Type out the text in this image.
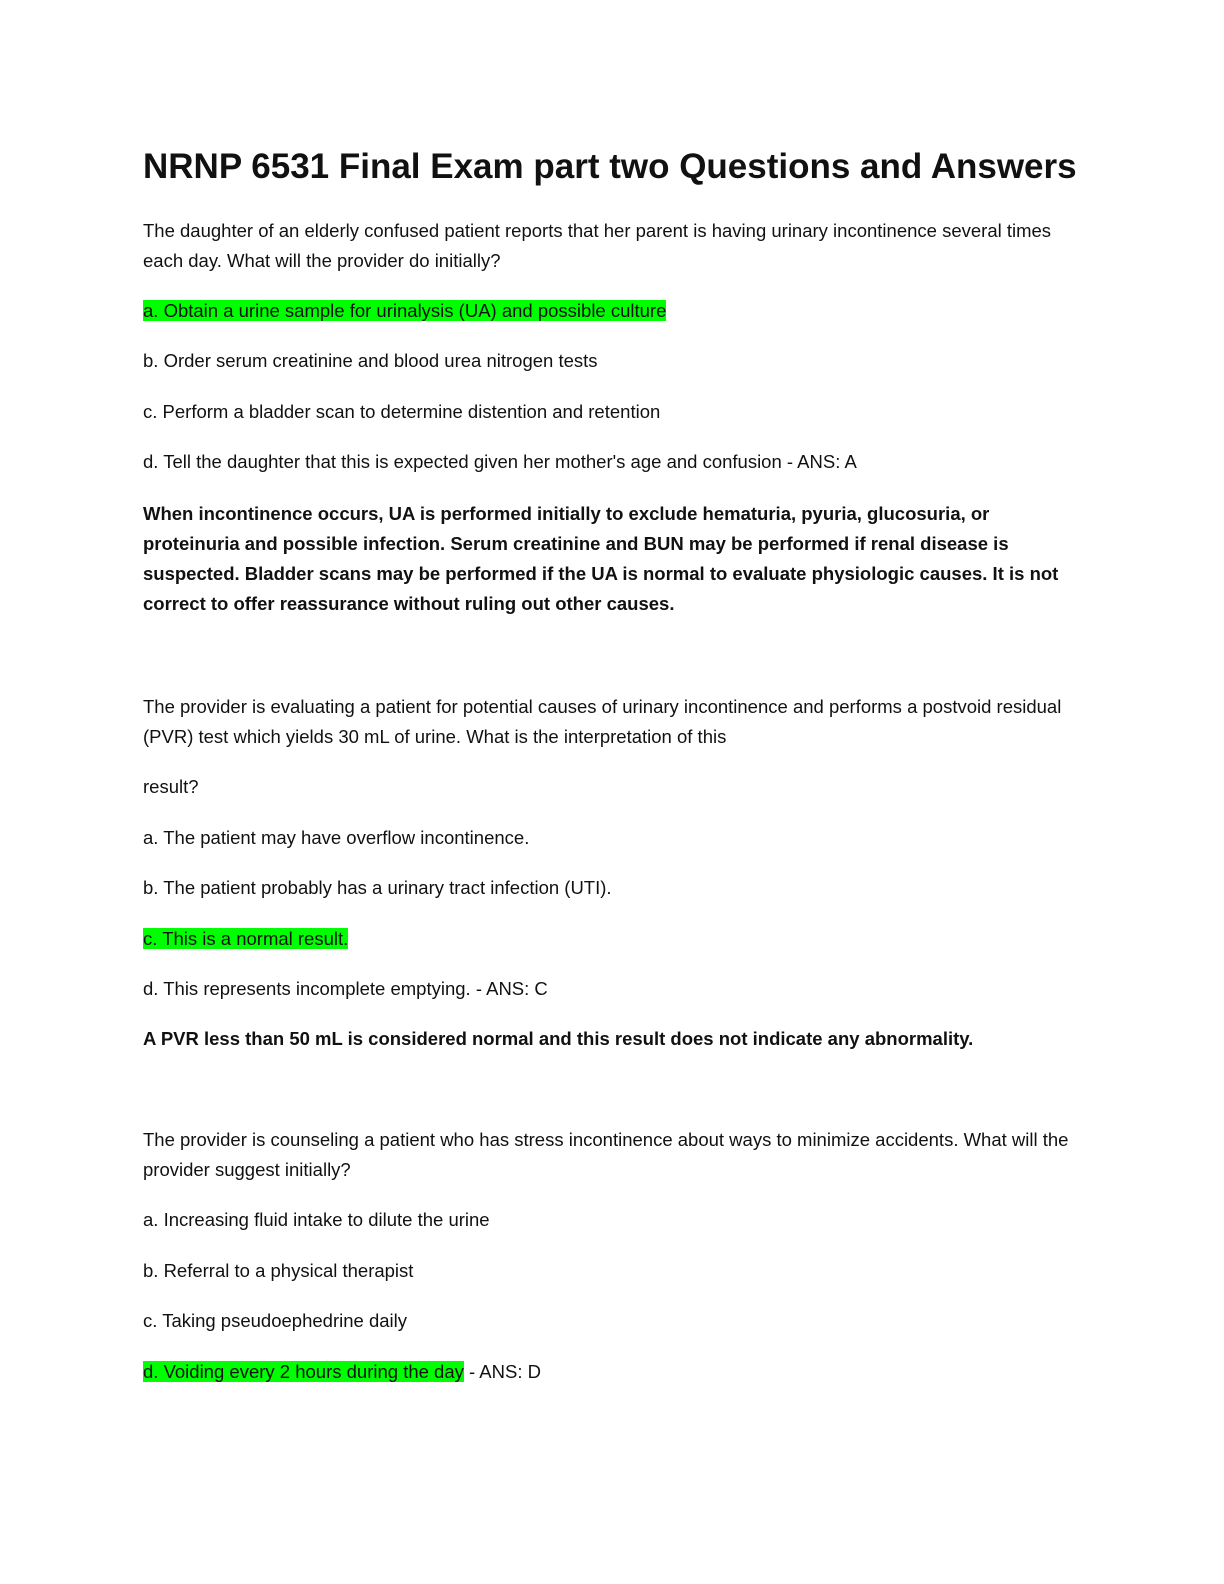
NRNP 6531 Final Exam part two Questions and Answers

The daughter of an elderly confused patient reports that her parent is having urinary incontinence several times each day. What will the provider do initially?

a. Obtain a urine sample for urinalysis (UA) and possible culture

b. Order serum creatinine and blood urea nitrogen tests

c. Perform a bladder scan to determine distention and retention

d. Tell the daughter that this is expected given her mother's age and confusion - ANS: A

When incontinence occurs, UA is performed initially to exclude hematuria, pyuria, glucosuria, or proteinuria and possible infection. Serum creatinine and BUN may be performed if renal disease is suspected. Bladder scans may be performed if the UA is normal to evaluate physiologic causes. It is not correct to offer reassurance without ruling out other causes.

The provider is evaluating a patient for potential causes of urinary incontinence and performs a postvoid residual (PVR) test which yields 30 mL of urine. What is the interpretation of this

result?

a. The patient may have overflow incontinence.

b. The patient probably has a urinary tract infection (UTI).

c. This is a normal result.

d. This represents incomplete emptying. - ANS: C

A PVR less than 50 mL is considered normal and this result does not indicate any abnormality.

The provider is counseling a patient who has stress incontinence about ways to minimize accidents. What will the provider suggest initially?

a. Increasing fluid intake to dilute the urine

b. Referral to a physical therapist

c. Taking pseudoephedrine daily

d. Voiding every 2 hours during the day - ANS: D
